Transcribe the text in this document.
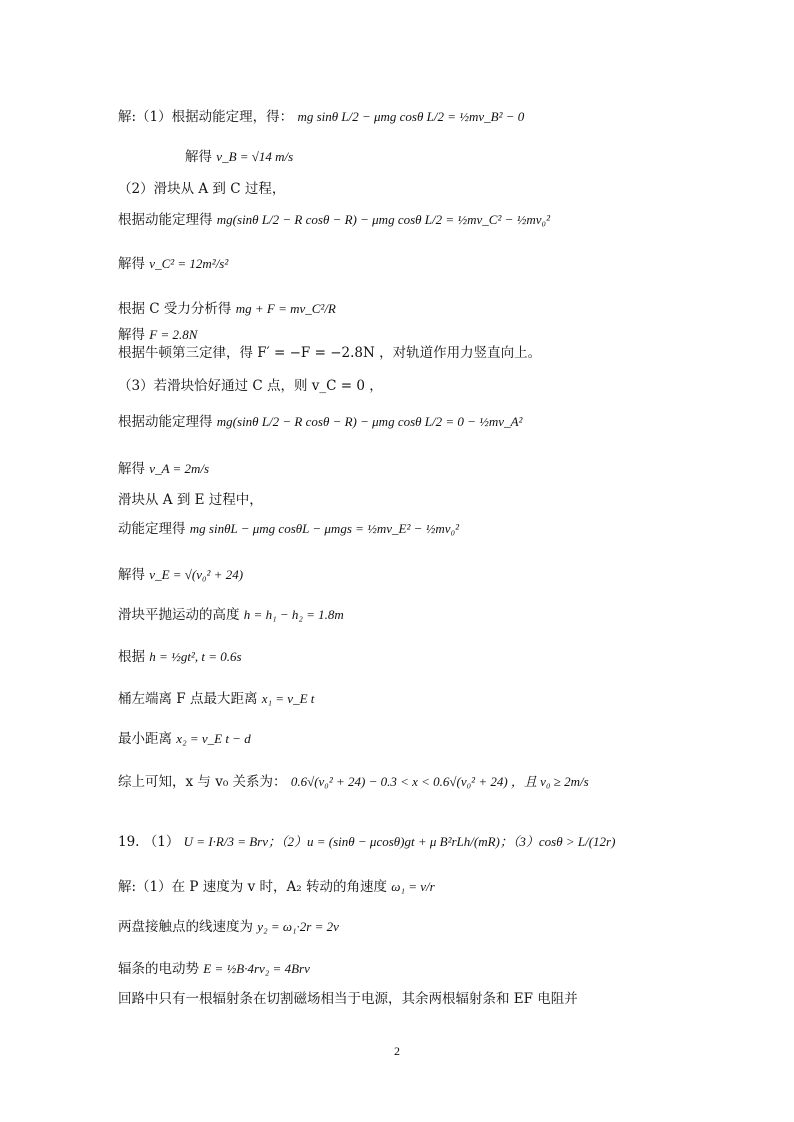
解:（1）根据动能定理，得： mg sinθ L/2 − μmg cosθ L/2 = ½mv_B² − 0
解得 v_B = √14 m/s
（2）滑块从 A 到 C 过程，
根据动能定理得 mg(sinθ L/2 − R cosθ − R) − μmg cosθ L/2 = ½mv_C² − ½mv₀²
解得 v_C² = 12m²/s²
根据 C 受力分析得 mg + F = mv_C²/R
解得 F = 2.8N
根据牛顿第三定律，得 F′ = −F = −2.8N ，对轨道作用力竖直向上。
（3）若滑块恰好通过 C 点，则 v_C = 0 ，
根据动能定理得 mg(sinθ L/2 − R cosθ − R) − μmg cosθ L/2 = 0 − ½mv_A²
解得 v_A = 2m/s
滑块从 A 到 E 过程中，
动能定理得 mg sinθL − μmg cosθL − μmgs = ½mv_E² − ½mv₀²
解得 v_E = √(v₀² + 24)
滑块平抛运动的高度 h = h₁ − h₂ = 1.8m
根据 h = ½gt², t = 0.6s
桶左端离 F 点最大距离 x₁ = v_E t
最小距离 x₂ = v_E t − d
综上可知，x 与 v₀ 关系为： 0.6√(v₀² + 24) − 0.3 < x < 0.6√(v₀² + 24) ，且 v₀ ≥ 2m/s
19. （1） U = I·R/3 = Brv；（2）u = (sinθ − μcosθ)gt + μ B²rLh/(mR)；（3）cosθ > L/(12r)
解:（1）在 P 速度为 v 时，A₂ 转动的角速度 ω₁ = v/r
两盘接触点的线速度为 y₂ = ω₁·2r = 2v
辐条的电动势 E = ½B·4rv₂ = 4Brv
回路中只有一根辐射条在切割磁场相当于电源，其余两根辐射条和 EF 电阻并
2
